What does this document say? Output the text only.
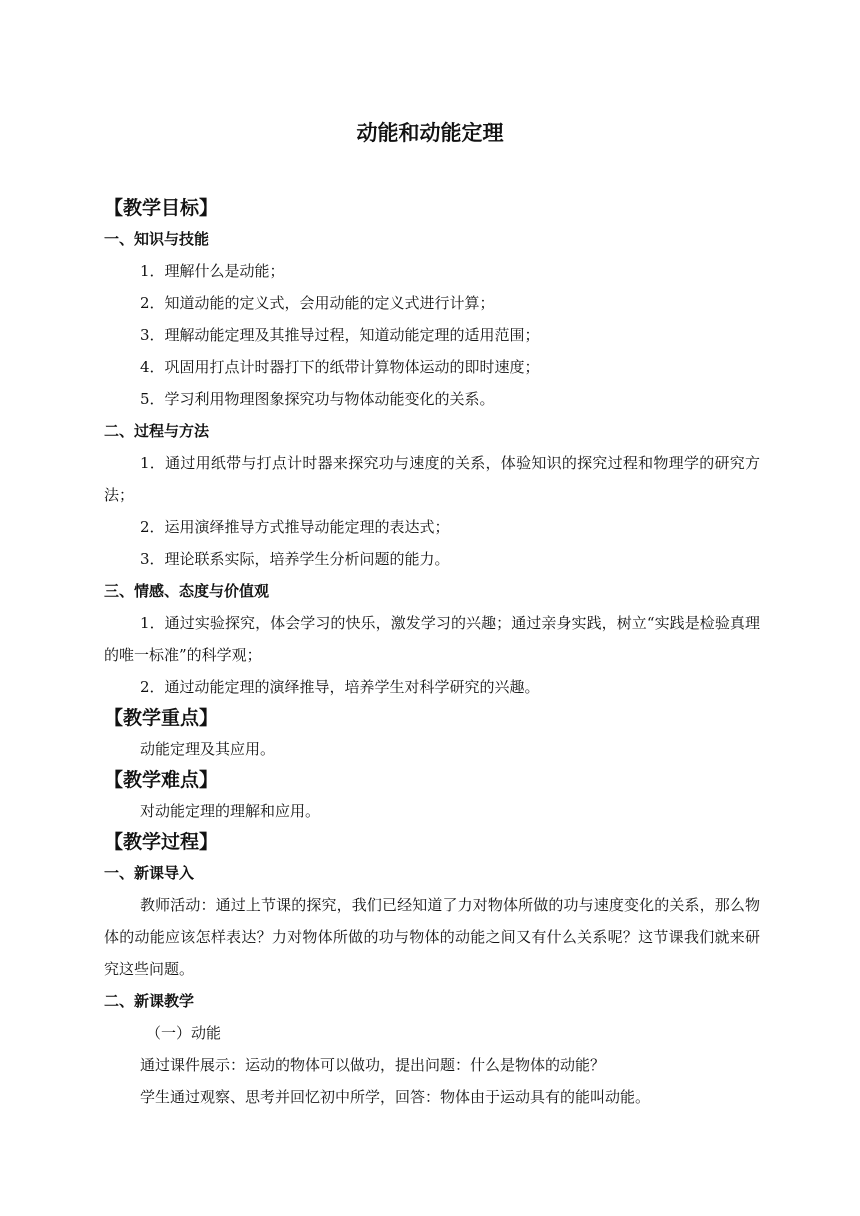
动能和动能定理
【教学目标】
一、知识与技能

1．理解什么是动能；

2．知道动能的定义式，会用动能的定义式进行计算；

3．理解动能定理及其推导过程，知道动能定理的适用范围；

4．巩固用打点计时器打下的纸带计算物体运动的即时速度；

5．学习利用物理图象探究功与物体动能变化的关系。

二、过程与方法

1．通过用纸带与打点计时器来探究功与速度的关系，体验知识的探究过程和物理学的研究方法；

2．运用演绎推导方式推导动能定理的表达式；

3．理论联系实际，培养学生分析问题的能力。

三、情感、态度与价值观

1．通过实验探究，体会学习的快乐，激发学习的兴趣；通过亲身实践，树立“实践是检验真理的唯一标准”的科学观；

2．通过动能定理的演绎推导，培养学生对科学研究的兴趣。

【教学重点】

动能定理及其应用。

【教学难点】

对动能定理的理解和应用。

【教学过程】
一、新课导入

教师活动：通过上节课的探究，我们已经知道了力对物体所做的功与速度变化的关系，那么物体的动能应该怎样表达？力对物体所做的功与物体的动能之间又有什么关系呢？这节课我们就来研究这些问题。

二、新课教学

（一）动能

通过课件展示：运动的物体可以做功，提出问题：什么是物体的动能？

学生通过观察、思考并回忆初中所学，回答：物体由于运动具有的能叫动能。
